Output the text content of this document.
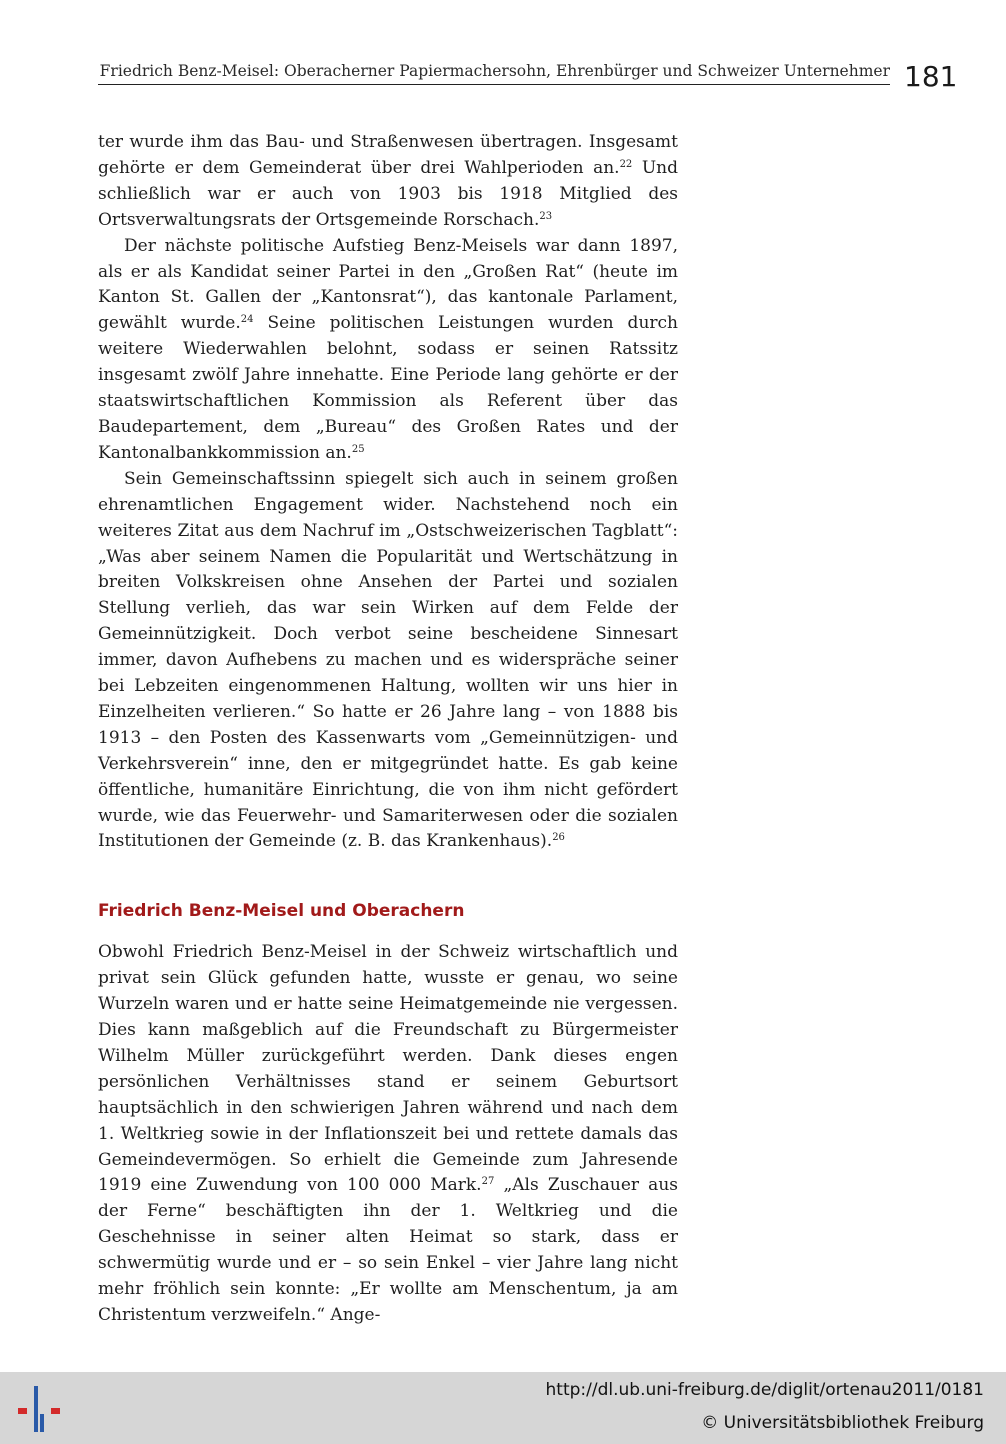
Friedrich Benz-Meisel: Oberacherner Papiermachersohn, Ehrenbürger und Schweizer Unternehmer 181

ter wurde ihm das Bau- und Straßenwesen übertragen. Insgesamt gehörte er dem Gemeinderat über drei Wahlperioden an.$^{22}$ Und schließlich war er auch von 1903 bis 1918 Mitglied des Ortsverwaltungsrats der Ortsgemeinde Rorschach.$^{23}$

Der nächste politische Aufstieg Benz-Meisels war dann 1897, als er als Kandidat seiner Partei in den „Großen Rat“ (heute im Kanton St. Gallen der „Kantonsrat“), das kantonale Parlament, gewählt wurde.$^{24}$ Seine politischen Leistungen wurden durch weitere Wiederwahlen belohnt, sodass er seinen Ratssitz insgesamt zwölf Jahre innehatte. Eine Periode lang gehörte er der staatswirtschaftlichen Kommission als Referent über das Baudepartement, dem „Bureau“ des Großen Rates und der Kantonalbankkommission an.$^{25}$

Sein Gemeinschaftssinn spiegelt sich auch in seinem großen ehrenamtlichen Engagement wider. Nachstehend noch ein weiteres Zitat aus dem Nachruf im „Ostschweizerischen Tagblatt“: „Was aber seinem Namen die Popularität und Wertschätzung in breiten Volkskreisen ohne Ansehen der Partei und sozialen Stellung verlieh, das war sein Wirken auf dem Felde der Gemeinnützigkeit. Doch verbot seine bescheidene Sinnesart immer, davon Aufhebens zu machen und es widerspräche seiner bei Lebzeiten eingenommenen Haltung, wollten wir uns hier in Einzelheiten verlieren.“ So hatte er 26 Jahre lang – von 1888 bis 1913 – den Posten des Kassenwarts vom „Gemeinnützigen- und Verkehrsverein“ inne, den er mitgegründet hatte. Es gab keine öffentliche, humanitäre Einrichtung, die von ihm nicht gefördert wurde, wie das Feuerwehr- und Samariterwesen oder die sozialen Institutionen der Gemeinde (z. B. das Krankenhaus).$^{26}$

Friedrich Benz-Meisel und Oberachern

Obwohl Friedrich Benz-Meisel in der Schweiz wirtschaftlich und privat sein Glück gefunden hatte, wusste er genau, wo seine Wurzeln waren und er hatte seine Heimatgemeinde nie vergessen. Dies kann maßgeblich auf die Freundschaft zu Bürgermeister Wilhelm Müller zurückgeführt werden. Dank dieses engen persönlichen Verhältnisses stand er seinem Geburtsort hauptsächlich in den schwierigen Jahren während und nach dem 1. Weltkrieg sowie in der Inflationszeit bei und rettete damals das Gemeindevermögen. So erhielt die Gemeinde zum Jahresende 1919 eine Zuwendung von 100 000 Mark.$^{27}$ „Als Zuschauer aus der Ferne“ beschäftigten ihn der 1. Weltkrieg und die Geschehnisse in seiner alten Heimat so stark, dass er schwermütig wurde und er – so sein Enkel – vier Jahre lang nicht mehr fröhlich sein konnte: „Er wollte am Menschentum, ja am Christentum verzweifeln.“ Ange-

http://dl.ub.uni-freiburg.de/diglit/ortenau2011/0181
© Universitätsbibliothek Freiburg
